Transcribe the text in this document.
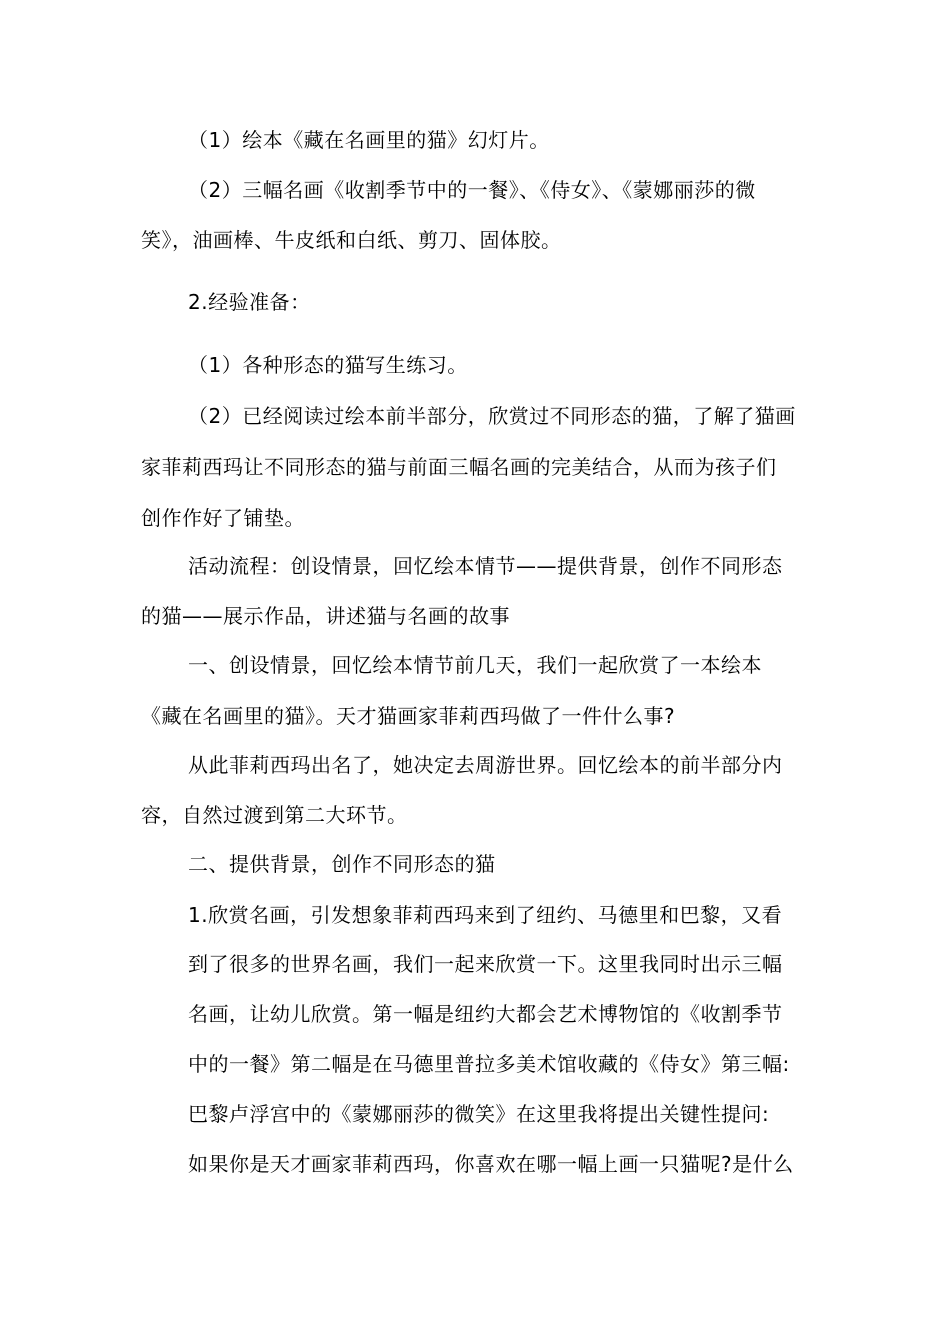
（1）绘本《藏在名画里的猫》幻灯片。
（2）三幅名画《收割季节中的一餐》、《侍女》、《蒙娜丽莎的微
笑》，油画棒、牛皮纸和白纸、剪刀、固体胶。
2.经验准备：
（1）各种形态的猫写生练习。
（2）已经阅读过绘本前半部分，欣赏过不同形态的猫，了解了猫画
家菲莉西玛让不同形态的猫与前面三幅名画的完美结合，从而为孩子们
创作作好了铺垫。
活动流程：创设情景，回忆绘本情节——提供背景，创作不同形态
的猫——展示作品，讲述猫与名画的故事
一、创设情景，回忆绘本情节前几天，我们一起欣赏了一本绘本
《藏在名画里的猫》。天才猫画家菲莉西玛做了一件什么事?
从此菲莉西玛出名了，她决定去周游世界。回忆绘本的前半部分内
容，自然过渡到第二大环节。
二、提供背景，创作不同形态的猫
1.欣赏名画，引发想象菲莉西玛来到了纽约、马德里和巴黎，又看
到了很多的世界名画，我们一起来欣赏一下。这里我同时出示三幅
名画，让幼儿欣赏。第一幅是纽约大都会艺术博物馆的《收割季节
中的一餐》第二幅是在马德里普拉多美术馆收藏的《侍女》第三幅:
巴黎卢浮宫中的《蒙娜丽莎的微笑》在这里我将提出关键性提问:
如果你是天才画家菲莉西玛，你喜欢在哪一幅上画一只猫呢?是什么
